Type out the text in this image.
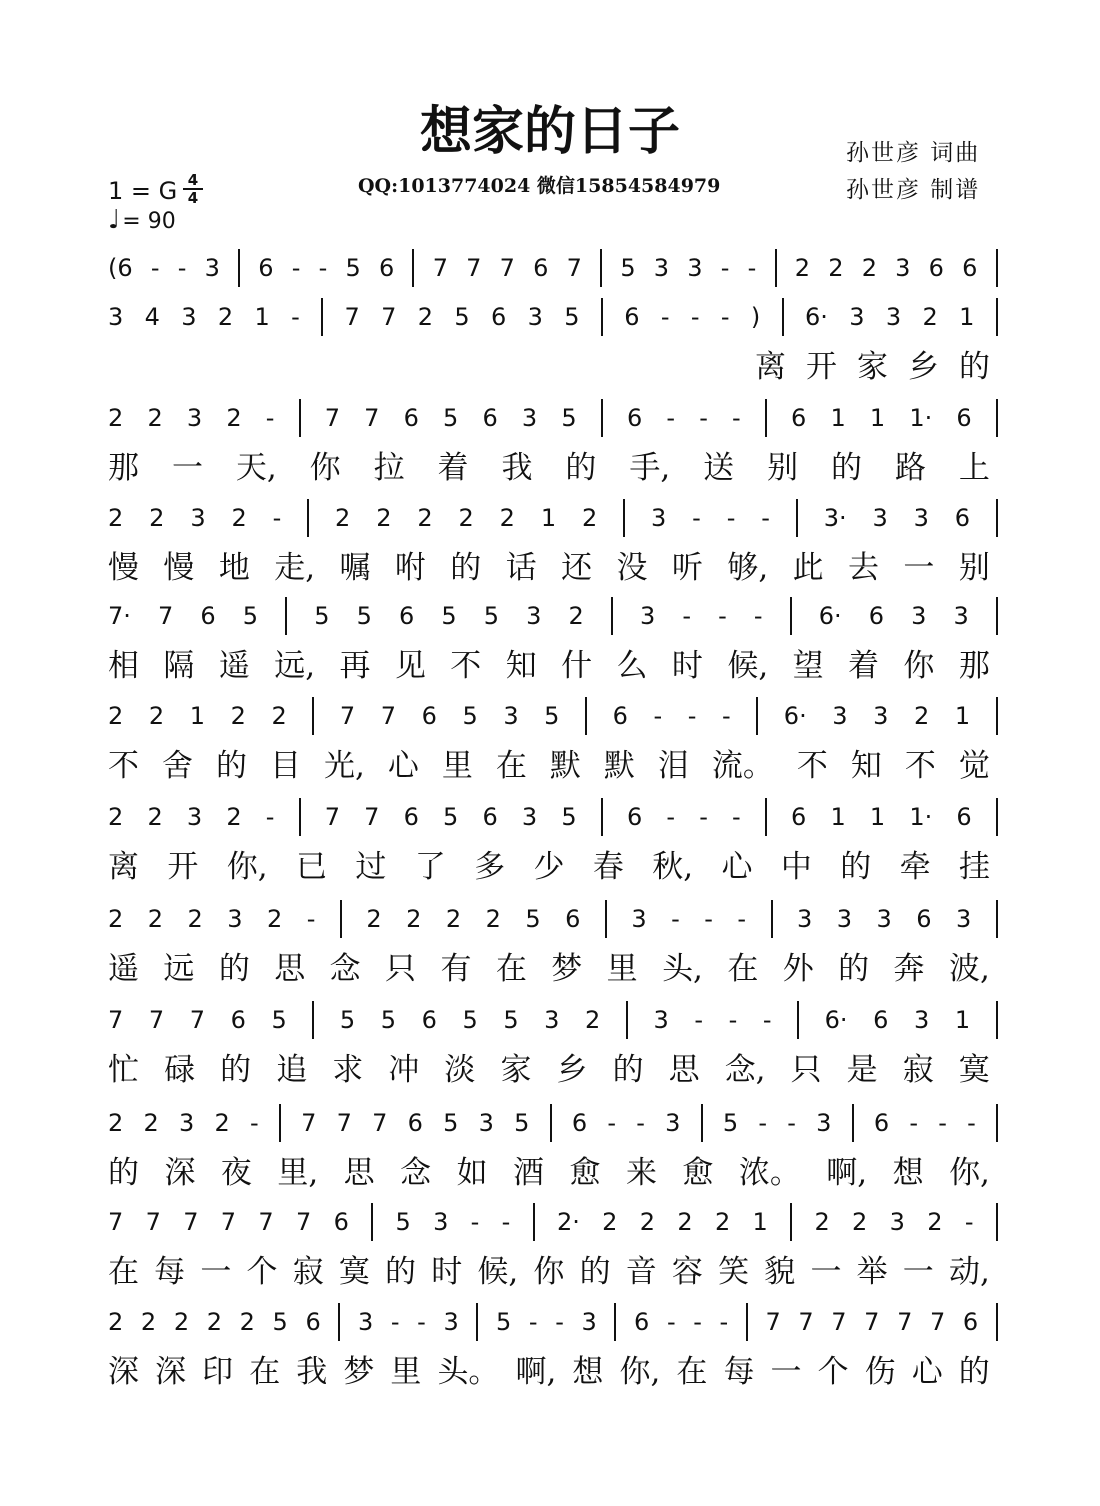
想家的日子	孙世彦 词曲
孙世彦 制谱
QQ:1013774024 微信15854584979
1 = G $\frac{4}{4}$
♩= 90
(6 - - 3 6 - - 5 6 7 7 7 6 7 5 3 3 - - 2 2 2 3 6 6
3 4 3 2 1 - 7 7 2 5 6 3 5 6 - - - ) 6· 3 3 2 1
离 开 家 乡 的
2 2 3 2 - 7 7 6 5 6 3 5 6 - - - 6 1 1 1· 6
那 一 天, 你 拉 着 我 的 手, 送 别 的 路 上
2 2 3 2 - 2 2 2 2 2 1 2 3 - - - 3· 3 3 6
慢 慢 地 走, 嘱 咐 的 话 还 没 听 够, 此 去 一 别
7· 7 6 5 5 5 6 5 5 3 2 3 - - - 6· 6 3 3
相 隔 遥 远, 再 见 不 知 什 么 时 候, 望 着 你 那
2 2 1 2 2 7 7 6 5 3 5 6 - - - 6· 3 3 2 1
不 舍 的 目 光, 心 里 在 默 默 泪 流。 不 知 不 觉
2 2 3 2 - 7 7 6 5 6 3 5 6 - - - 6 1 1 1· 6
离 开 你, 已 过 了 多 少 春 秋, 心 中 的 牵 挂
2 2 2 3 2 - 2 2 2 2 5 6 3 - - - 3 3 3 6 3
遥 远 的 思 念 只 有 在 梦 里 头, 在 外 的 奔 波,
7 7 7 6 5 5 5 6 5 5 3 2 3 - - - 6· 6 3 1
忙 碌 的 追 求 冲 淡 家 乡 的 思 念, 只 是 寂 寞
2 2 3 2 - 7 7 7 6 5 3 5 6 - - 3 5 - - 3 6 - - -
的 深 夜 里, 思 念 如 酒 愈 来 愈 浓。 啊, 想 你,
7 7 7 7 7 7 6 5 3 - - 2· 2 2 2 2 1 2 2 3 2 -
在 每 一 个 寂 寞 的 时 候, 你 的 音 容 笑 貌 一 举 一 动,
2 2 2 2 2 5 6 3 - - 3 5 - - 3 6 - - - 7 7 7 7 7 7 6
深 深 印 在 我 梦 里 头。 啊, 想 你, 在 每 一 个 伤 心 的
